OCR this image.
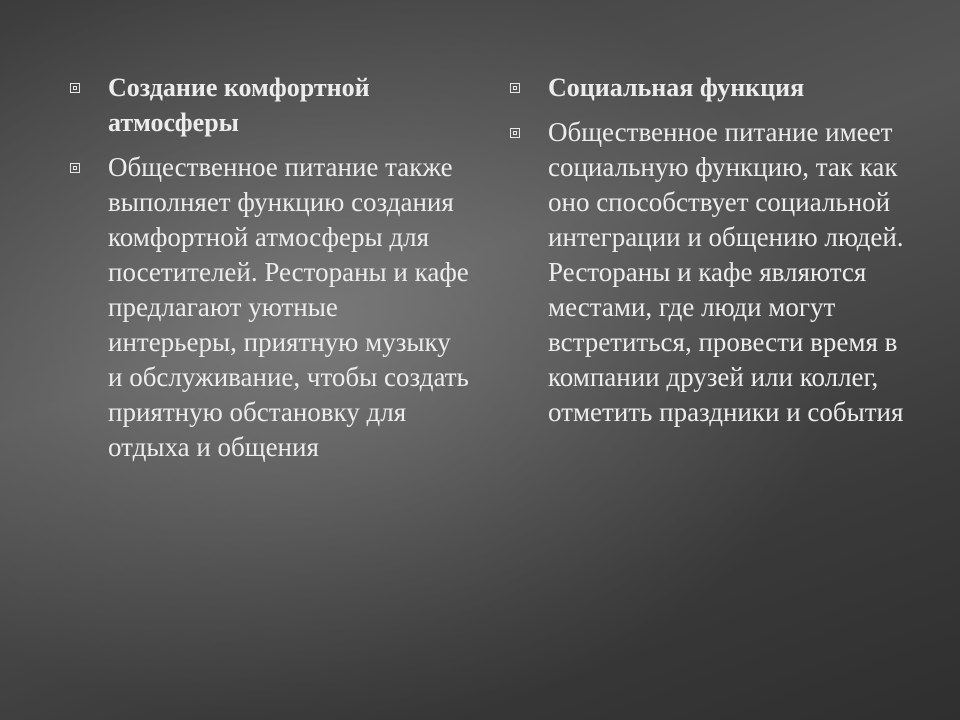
Создание комфортной атмосферы
Общественное питание также выполняет функцию создания комфортной атмосферы для посетителей. Рестораны и кафе предлагают уютные интерьеры, приятную музыку и обслуживание, чтобы создать приятную обстановку для отдыха и общения
Социальная функция
Общественное питание имеет социальную функцию, так как оно способствует социальной интеграции и общению людей. Рестораны и кафе являются местами, где люди могут встретиться, провести время в компании друзей или коллег, отметить праздники и события
